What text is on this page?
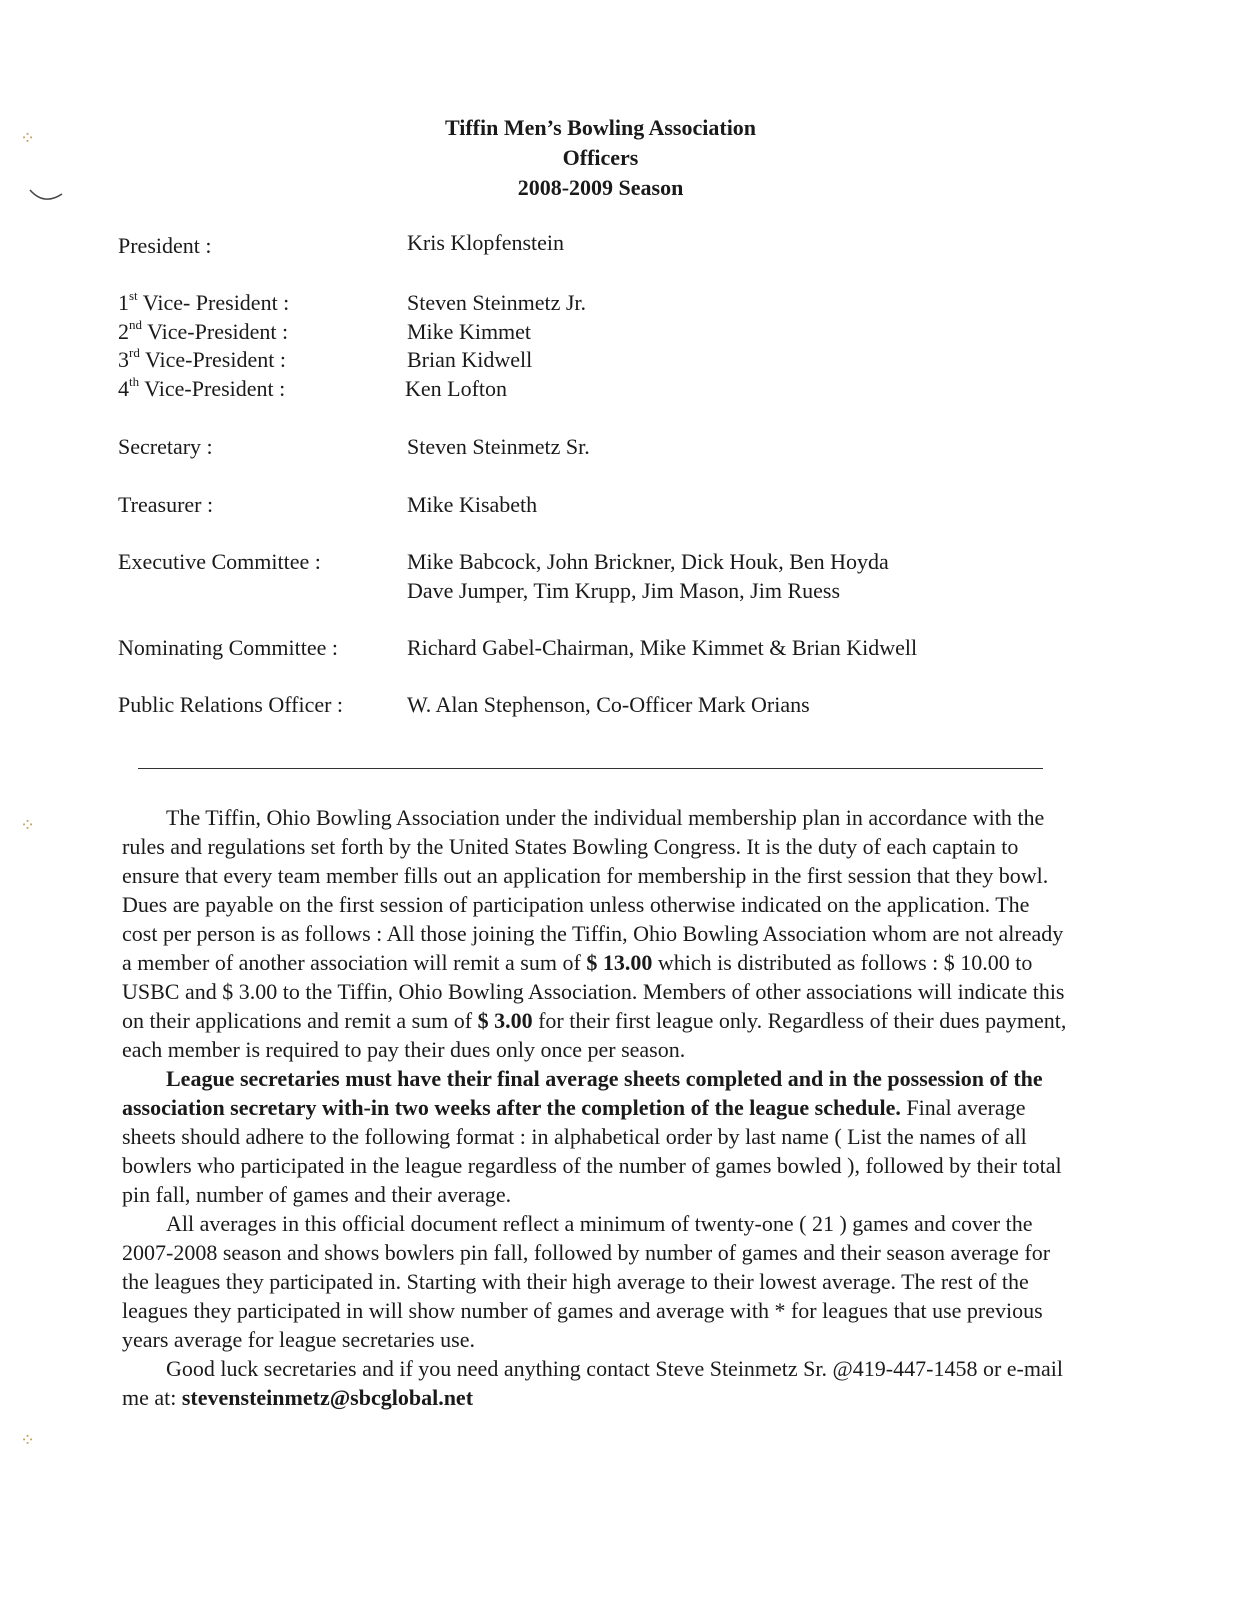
⁘
⁘
⁘
Tiffin Men’s Bowling Association
Officers
2008-2009 Season
President :	Kris Klopfenstein
1st Vice- President :	Steven Steinmetz Jr.
2nd Vice-President :	Mike Kimmet
3rd Vice-President :	Brian Kidwell
4th Vice-President :	Ken Lofton
Secretary :	Steven Steinmetz Sr.
Treasurer :	Mike Kisabeth
Executive Committee :	Mike Babcock, John Brickner, Dick Houk, Ben Hoyda
Dave Jumper, Tim Krupp, Jim Mason, Jim Ruess
Nominating Committee :	Richard Gabel-Chairman, Mike Kimmet & Brian Kidwell
Public Relations Officer :	W. Alan Stephenson, Co-Officer Mark Orians

The Tiffin, Ohio Bowling Association under the individual membership plan in accordance with the rules and regulations set forth by the United States Bowling Congress. It is the duty of each captain to ensure that every team member fills out an application for membership in the first session that they bowl. Dues are payable on the first session of participation unless otherwise indicated on the application. The cost per person is as follows : All those joining the Tiffin, Ohio Bowling Association whom are not already a member of another association will remit a sum of $ 13.00 which is distributed as follows : $ 10.00 to USBC and $ 3.00 to the Tiffin, Ohio Bowling Association. Members of other associations will indicate this on their applications and remit a sum of $ 3.00 for their first league only. Regardless of their dues payment, each member is required to pay their dues only once per season.

League secretaries must have their final average sheets completed and in the possession of the association secretary with-in two weeks after the completion of the league schedule. Final average sheets should adhere to the following format : in alphabetical order by last name ( List the names of all bowlers who participated in the league regardless of the number of games bowled ), followed by their total pin fall, number of games and their average.

All averages in this official document reflect a minimum of twenty-one ( 21 ) games and cover the 2007-2008 season and shows bowlers pin fall, followed by number of games and their season average for the leagues they participated in. Starting with their high average to their lowest average. The rest of the leagues they participated in will show number of games and average with * for leagues that use previous years average for league secretaries use.

Good luck secretaries and if you need anything contact Steve Steinmetz Sr. @419-447-1458 or e-mail me at: stevensteinmetz@sbcglobal.net
